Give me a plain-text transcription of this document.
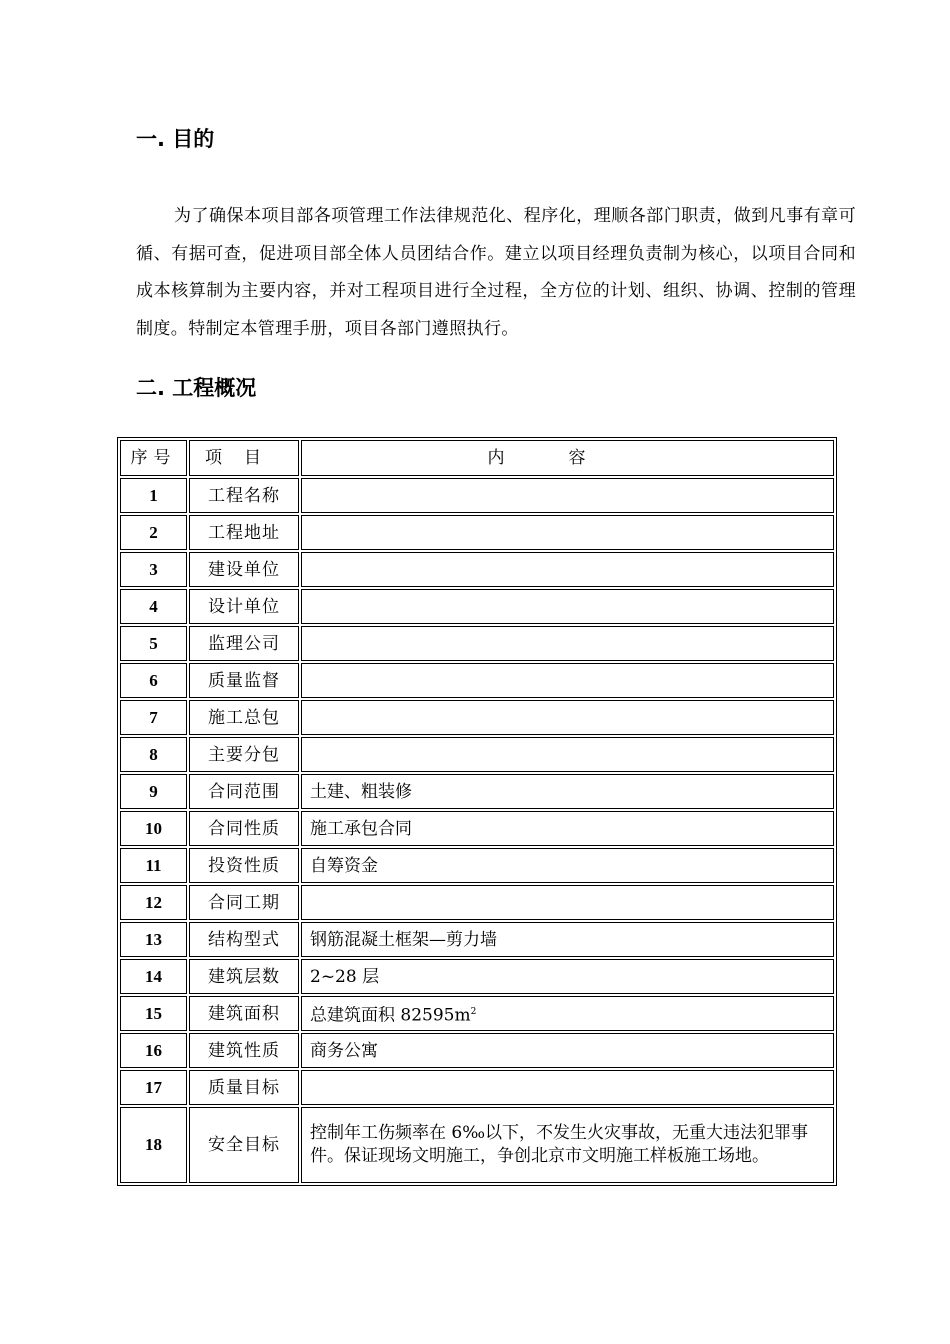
一. 目的

为了确保本项目部各项管理工作法律规范化、程序化，理顺各部门职责，做到凡事有章可循、有据可查，促进项目部全体人员团结合作。建立以项目经理负责制为核心，以项目合同和成本核算制为主要内容，并对工程项目进行全过程，全方位的计划、组织、协调、控制的管理制度。特制定本管理手册，项目各部门遵照执行。

二. 工程概况
序号	项目	内容
1	工程名称	
2	工程地址	
3	建设单位	
4	设计单位	
5	监理公司	
6	质量监督	
7	施工总包	
8	主要分包	
9	合同范围	土建、粗装修
10	合同性质	施工承包合同
11	投资性质	自筹资金
12	合同工期	
13	结构型式	钢筋混凝土框架—剪力墙
14	建筑层数	2~28 层
15	建筑面积	总建筑面积 $82595m^2$
16	建筑性质	商务公寓
17	质量目标	
18	安全目标	控制年工伤频率在 6‰以下，不发生火灾事故，无重大违法犯罪事件。保证现场文明施工，争创北京市文明施工样板施工场地。
